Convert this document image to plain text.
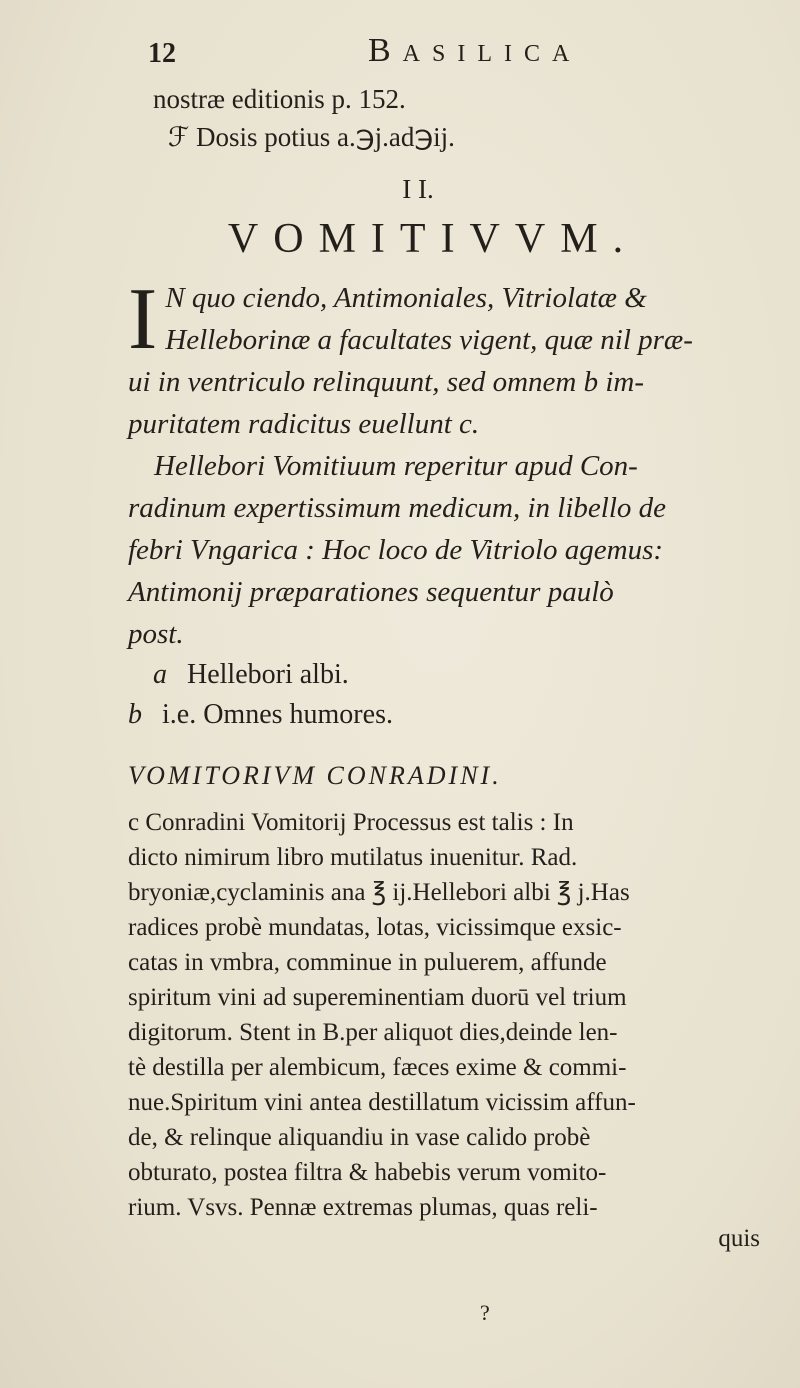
12	Basilica

nostræ editionis p. 152.

ℱ Dosis potius a.℈j.ad℈ij.

I I.

VOMITIVVM.

I N quo ciendo, Antimoniales, Vitriolatæ &
Helleborinæ a facultates vigent, quæ nil præ-
ui in ventriculo relinquunt, sed omnem b im-
puritatem radicitus euellunt c.
Hellebori Vomitiuum reperitur apud Con-
radinum expertissimum medicum, in libello de
febri Vngarica : Hoc loco de Vitriolo agemus:
Antimonij præparationes sequentur paulò
post.

a Hellebori albi.

b i.e. Omnes humores.

VOMITORIVM CONRADINI.

c Conradini Vomitorij Processus est talis : In

dicto nimirum libro mutilatus inuenitur. Rad.

bryoniæ,cyclaminis ana ℥ ij.Hellebori albi ℥ j.Has

radices probè mundatas, lotas, vicissimque exsic-

catas in vmbra, comminue in puluerem, affunde

spiritum vini ad supereminentiam duorū vel trium

digitorum. Stent in B.per aliquot dies,deinde len-

tè destilla per alembicum, fæces exime & commi-

nue.Spiritum vini antea destillatum vicissim affun-

de, & relinque aliquandiu in vase calido probè

obturato, postea filtra & habebis verum vomito-

rium. Vsvs. Pennæ extremas plumas, quas reli-

quis

?
